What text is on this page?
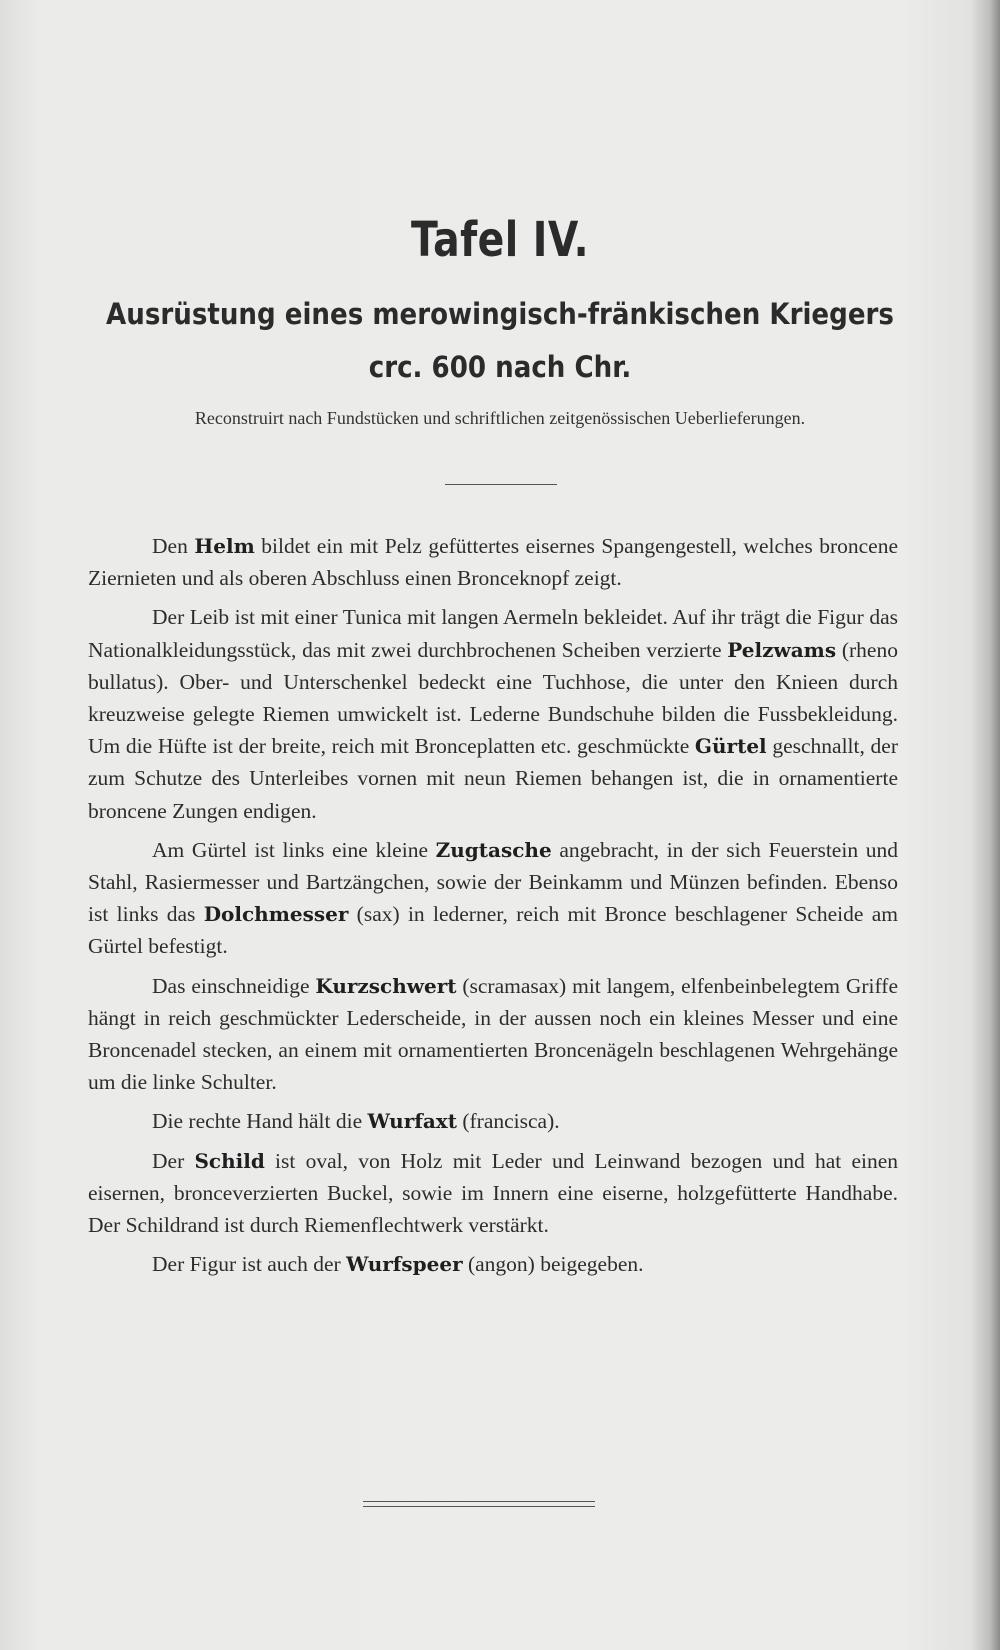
Tafel IV.
Ausrüstung eines merowingisch-fränkischen Kriegers
crc. 600 nach Chr.

Reconstruirt nach Fundstücken und schriftlichen zeitgenössischen Ueberlieferungen.

Den Helm bildet ein mit Pelz gefüttertes eisernes Spangengestell, welches broncene Ziernieten und als oberen Abschluss einen Bronceknopf zeigt.

Der Leib ist mit einer Tunica mit langen Aermeln bekleidet. Auf ihr trägt die Figur das Nationalkleidungsstück, das mit zwei durchbrochenen Scheiben verzierte Pelzwams (rheno bullatus). Ober- und Unterschenkel bedeckt eine Tuchhose, die unter den Knieen durch kreuzweise gelegte Riemen umwickelt ist. Lederne Bundschuhe bilden die Fussbekleidung. Um die Hüfte ist der breite, reich mit Bronceplatten etc. geschmückte Gürtel geschnallt, der zum Schutze des Unterleibes vornen mit neun Riemen behangen ist, die in ornamentierte broncene Zungen endigen.

Am Gürtel ist links eine kleine Zugtasche angebracht, in der sich Feuerstein und Stahl, Rasiermesser und Bartzängchen, sowie der Beinkamm und Münzen befinden. Ebenso ist links das Dolchmesser (sax) in lederner, reich mit Bronce beschlagener Scheide am Gürtel befestigt.

Das einschneidige Kurzschwert (scramasax) mit langem, elfenbeinbelegtem Griffe hängt in reich geschmückter Lederscheide, in der aussen noch ein kleines Messer und eine Broncenadel stecken, an einem mit ornamentierten Broncenägeln beschlagenen Wehrgehänge um die linke Schulter.

Die rechte Hand hält die Wurfaxt (francisca).

Der Schild ist oval, von Holz mit Leder und Leinwand bezogen und hat einen eisernen, bronceverzierten Buckel, sowie im Innern eine eiserne, holzgefütterte Handhabe. Der Schildrand ist durch Riemenflechtwerk verstärkt.

Der Figur ist auch der Wurfspeer (angon) beigegeben.
